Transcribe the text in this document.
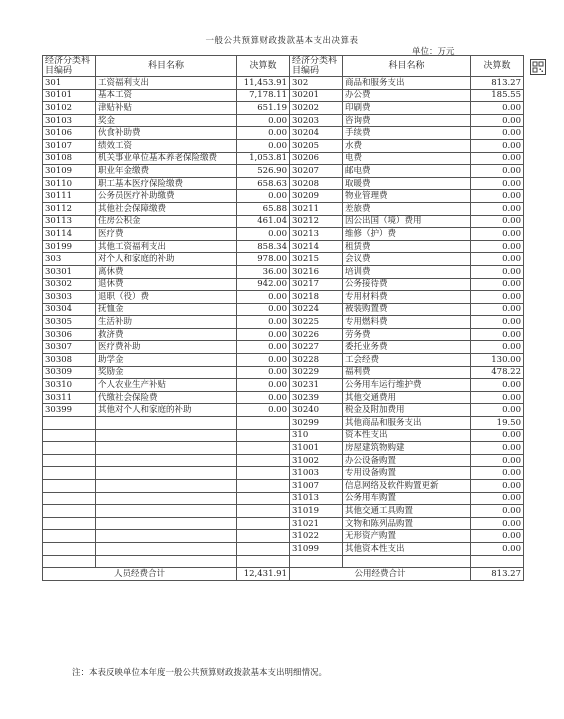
一般公共预算财政拨款基本支出决算表
单位：万元
经济分类科目编码	科目名称	决算数	经济分类科目编码	科目名称	决算数
301	工资福利支出	11,453.91	302	商品和服务支出	813.27
30101	基本工资	7,178.11	30201	办公费	185.55
30102	津贴补贴	651.19	30202	印刷费	0.00
30103	奖金	0.00	30203	咨询费	0.00
30106	伙食补助费	0.00	30204	手续费	0.00
30107	绩效工资	0.00	30205	水费	0.00
30108	机关事业单位基本养老保险缴费	1,053.81	30206	电费	0.00
30109	职业年金缴费	526.90	30207	邮电费	0.00
30110	职工基本医疗保险缴费	658.63	30208	取暖费	0.00
30111	公务员医疗补助缴费	0.00	30209	物业管理费	0.00
30112	其他社会保障缴费	65.88	30211	差旅费	0.00
30113	住房公积金	461.04	30212	因公出国（境）费用	0.00
30114	医疗费	0.00	30213	维修（护）费	0.00
30199	其他工资福利支出	858.34	30214	租赁费	0.00
303	对个人和家庭的补助	978.00	30215	会议费	0.00
30301	离休费	36.00	30216	培训费	0.00
30302	退休费	942.00	30217	公务接待费	0.00
30303	退职（役）费	0.00	30218	专用材料费	0.00
30304	抚恤金	0.00	30224	被装购置费	0.00
30305	生活补助	0.00	30225	专用燃料费	0.00
30306	救济费	0.00	30226	劳务费	0.00
30307	医疗费补助	0.00	30227	委托业务费	0.00
30308	助学金	0.00	30228	工会经费	130.00
30309	奖励金	0.00	30229	福利费	478.22
30310	个人农业生产补贴	0.00	30231	公务用车运行维护费	0.00
30311	代缴社会保险费	0.00	30239	其他交通费用	0.00
30399	其他对个人和家庭的补助	0.00	30240	税金及附加费用	0.00
			30299	其他商品和服务支出	19.50
			310	资本性支出	0.00
			31001	房屋建筑物购建	0.00
			31002	办公设备购置	0.00
			31003	专用设备购置	0.00
			31007	信息网络及软件购置更新	0.00
			31013	公务用车购置	0.00
			31019	其他交通工具购置	0.00
			31021	文物和陈列品购置	0.00
			31022	无形资产购置	0.00
			31099	其他资本性支出	0.00

人员经费合计		12,431.91	公用经费合计		813.27
注：本表反映单位本年度一般公共预算财政拨款基本支出明细情况。
